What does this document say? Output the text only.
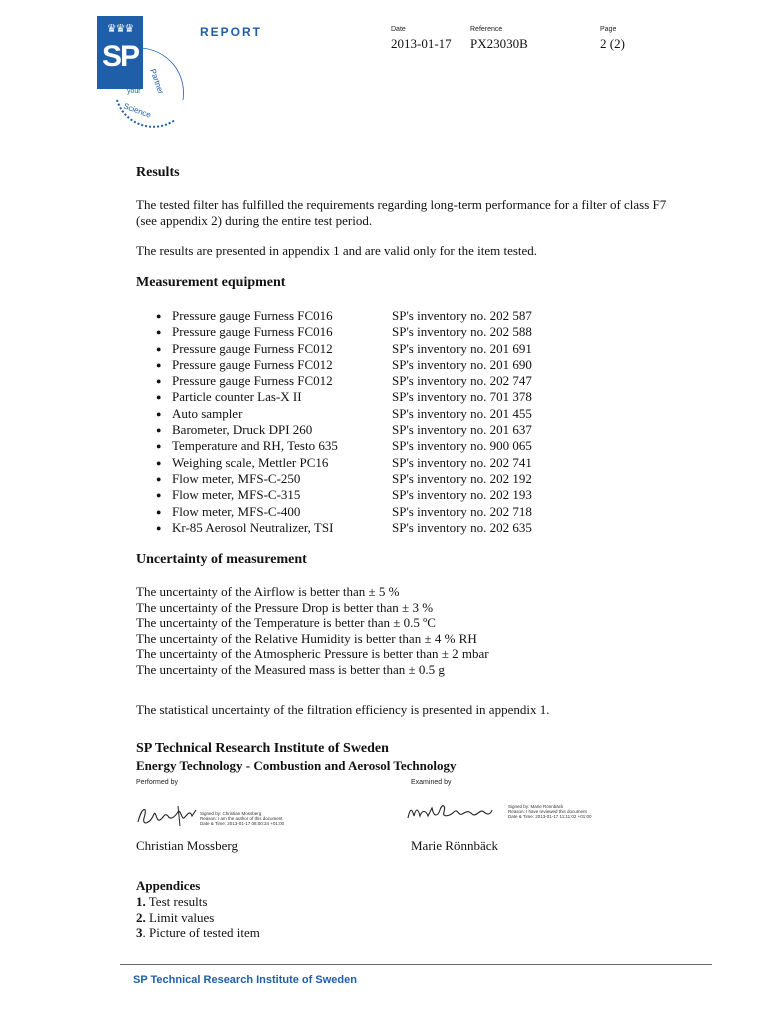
♛♛♛
SP
your
Science
Partner
REPORT	Date
2013-01-17
Reference
PX23030B
Page
2 (2)
Results

The tested filter has fulfilled the requirements regarding long-term performance for a filter of class F7 (see appendix 2) during the entire test period.

The results are presented in appendix 1 and are valid only for the item tested.

Measurement equipment
● Pressure gauge Furness FC016	SP's inventory no. 202 587
● Pressure gauge Furness FC016	SP's inventory no. 202 588
● Pressure gauge Furness FC012	SP's inventory no. 201 691
● Pressure gauge Furness FC012	SP's inventory no. 201 690
● Pressure gauge Furness FC012	SP's inventory no. 202 747
● Particle counter Las-X II	SP's inventory no. 701 378
● Auto sampler	SP's inventory no. 201 455
● Barometer, Druck DPI 260	SP's inventory no. 201 637
● Temperature and RH, Testo 635	SP's inventory no. 900 065
● Weighing scale, Mettler PC16	SP's inventory no. 202 741
● Flow meter, MFS-C-250	SP's inventory no. 202 192
● Flow meter, MFS-C-315	SP's inventory no. 202 193
● Flow meter, MFS-C-400	SP's inventory no. 202 718
● Kr-85 Aerosol Neutralizer, TSI	SP's inventory no. 202 635
Uncertainty of measurement
The uncertainty of the Airflow is better than ± 5 %
The uncertainty of the Pressure Drop is better than ± 3 %
The uncertainty of the Temperature is better than ± 0.5 ºC
The uncertainty of the Relative Humidity is better than ± 4 % RH
The uncertainty of the Atmospheric Pressure is better than ± 2 mbar
The uncertainty of the Measured mass is better than ± 0.5 g

The statistical uncertainty of the filtration efficiency is presented in appendix 1.

SP Technical Research Institute of Sweden
Energy Technology - Combustion and Aerosol Technology
Performed by	Examined by
Signed by: Christian Mossberg
Reason: I am the author of this document
Date & Time: 2013-01-17 08:00:34 +01:00
Signed by: Marie Rönnbäck
Reason: I have reviewed this document
Date & Time: 2013-01-17 11:11:02 +01:00
Christian Mossberg	Marie Rönnbäck
Appendices
1. Test results
2. Limit values
3. Picture of tested item
SP Technical Research Institute of Sweden
